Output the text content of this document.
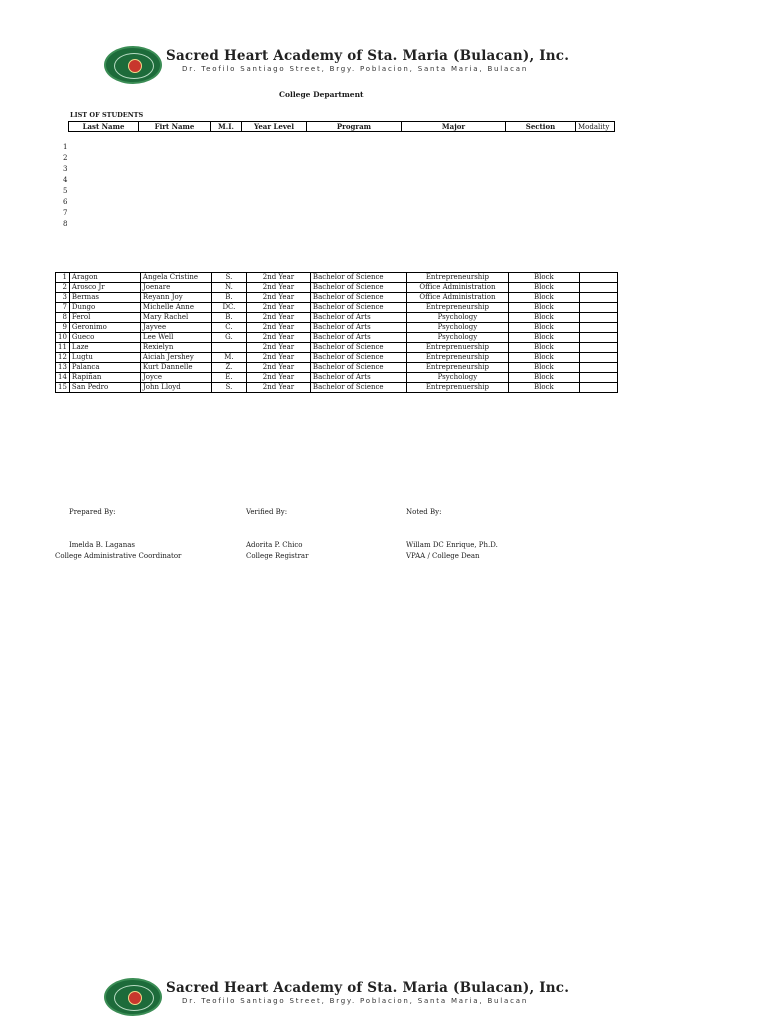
Sacred Heart Academy of Sta. Maria (Bulacan), Inc.
Dr. Teofilo Santiago Street, Brgy. Poblacion, Santa Maria, Bulacan
College Department
LIST OF STUDENTS
Last Name	Firt Name	M.I.	Year Level	Program	Major	Section	Modality
1
2
3
4
5
6
7
8
1	Aragon	Angela Cristine	S.	2nd Year	Bachelor of Science	Entrepreneurship	Block	
2	Arosco Jr	Joenare	N.	2nd Year	Bachelor of Science	Office Administration	Block	
3	Bermas	Reyann Joy	B.	2nd Year	Bachelor of Science	Office Administration	Block	
7	Dungo	Michelle Anne	DC.	2nd Year	Bachelor of Science	Entrepreneurship	Block	
8	Ferol	Mary Rachel	B.	2nd Year	Bachelor of Arts	Psychology	Block	
9	Geronimo	Jayvee	C.	2nd Year	Bachelor of Arts	Psychology	Block	
10	Gueco	Lee Well	G.	2nd Year	Bachelor of Arts	Psychology	Block	
11	Laze	Rexielyn		2nd Year	Bachelor of Science	Entreprenuership	Block	
12	Lugtu	Aiciah Jershey	M.	2nd Year	Bachelor of Science	Entrepreneurship	Block	
13	Palanca	Kurt Dannelle	Z.	2nd Year	Bachelor of Science	Entrepreneurship	Block	
14	Rapiñan	Joyce	E.	2nd Year	Bachelor of Arts	Psychology	Block	
15	San Pedro	John Lloyd	S.	2nd Year	Bachelor of Science	Entreprenuership	Block	
Prepared By:	Verified By:	Noted By:
Imelda B. Laganas
College Administrative Coordinator
Adorita P. Chico
College Registrar
Willam DC Enrique, Ph.D.
VPAA / College Dean
Sacred Heart Academy of Sta. Maria (Bulacan), Inc.
Dr. Teofilo Santiago Street, Brgy. Poblacion, Santa Maria, Bulacan
